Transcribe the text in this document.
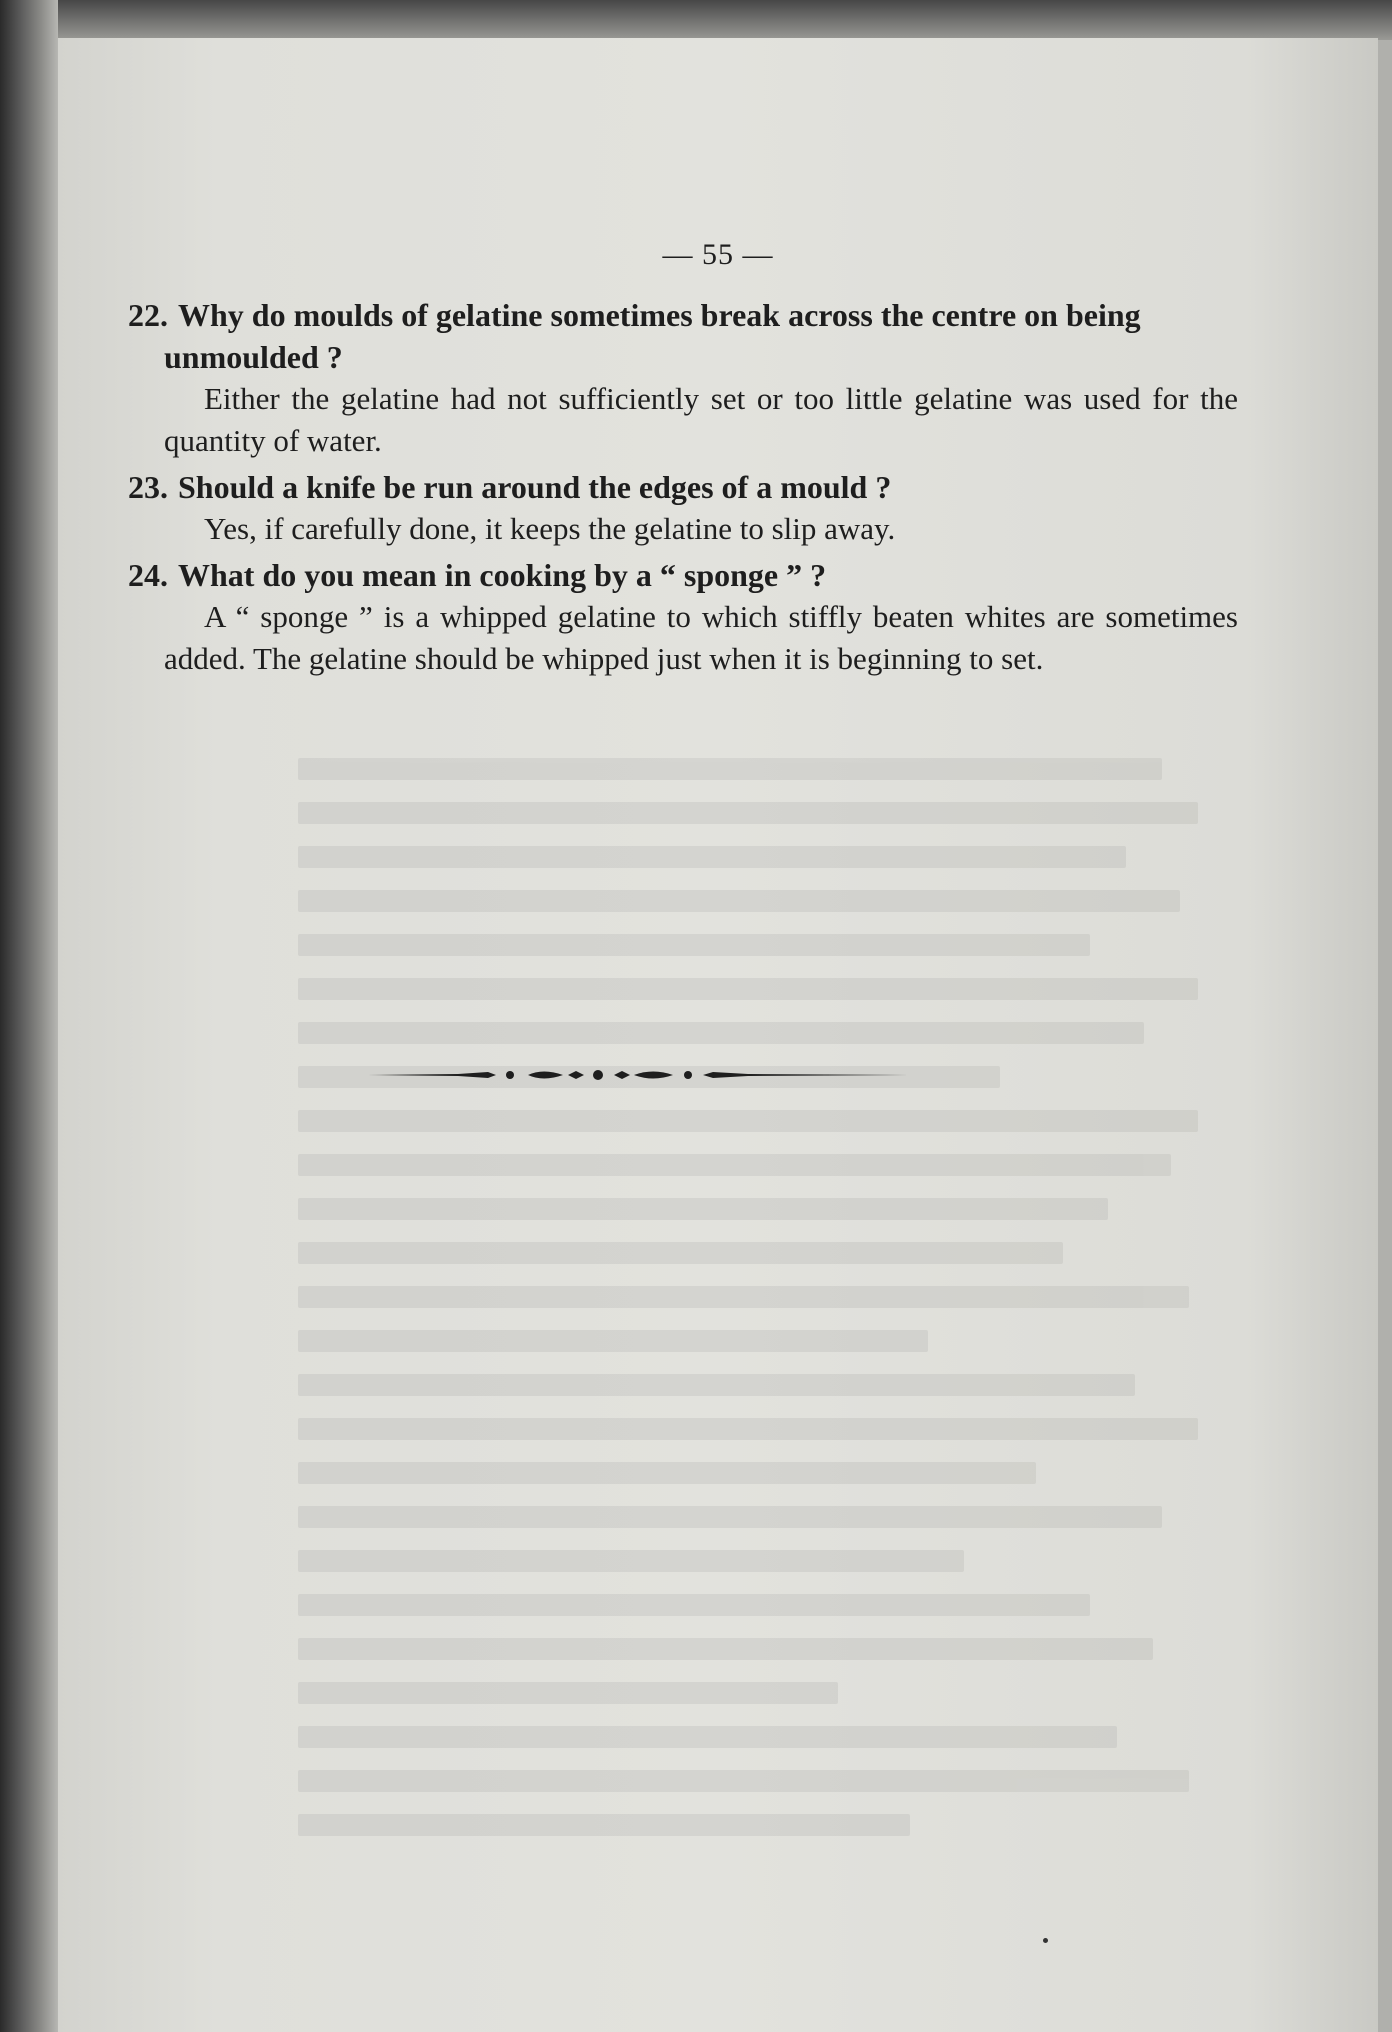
— 55 —
22. Why do moulds of gelatine sometimes break across the centre on being unmoulded ?
Either the gelatine had not sufficiently set or too little gelatine was used for the quantity of water.
23. Should a knife be run around the edges of a mould ?
Yes, if carefully done, it keeps the gelatine to slip away.
24. What do you mean in cooking by a “ sponge ” ?
A “ sponge ” is a whipped gelatine to which stiffly beaten whites are sometimes added. The gelatine should be whipped just when it is beginning to set.
